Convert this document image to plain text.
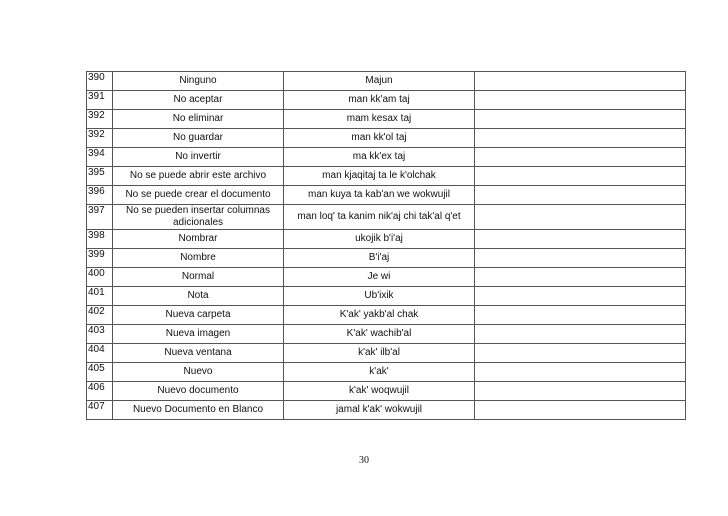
390	Ninguno	Majun	
391	No aceptar	man kk'am taj	
392	No eliminar	mam kesax taj	
392	No guardar	man kk'ol taj	
394	No invertir	ma kk'ex taj	
395	No se puede abrir este archivo	man kjaqitaj ta le k'olchak	
396	No se puede crear el documento	man kuya ta kab'an we wokwujil	
397	No se pueden insertar columnas adicionales	man loq' ta kanim nik'aj chi tak'al q'et	
398	Nombrar	ukojik b'i'aj	
399	Nombre	B'i'aj	
400	Normal	Je wi	
401	Nota	Ub'ixik	
402	Nueva carpeta	K'ak' yakb'al chak	
403	Nueva imagen	K'ak' wachib'al	
404	Nueva ventana	k'ak' ilb'al	
405	Nuevo	k'ak'	
406	Nuevo documento	k'ak' woqwujil	
407	Nuevo Documento en Blanco	jamal k'ak' wokwujil	
30
